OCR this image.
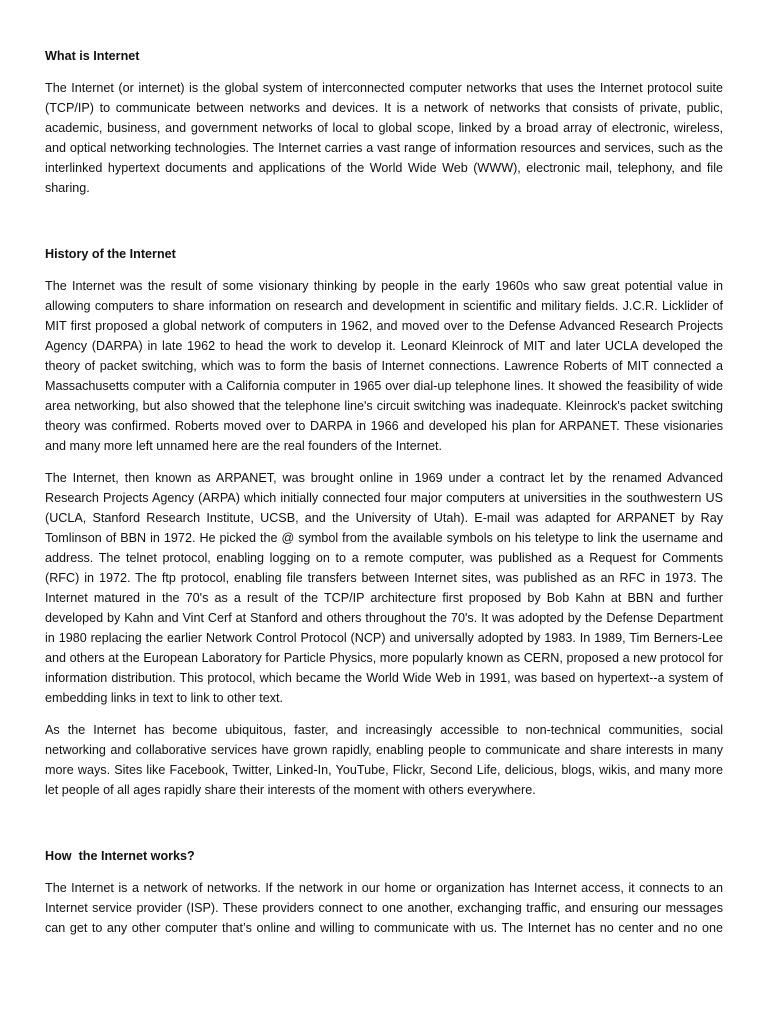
What is Internet

The Internet (or internet) is the global system of interconnected computer networks that uses the Internet protocol suite (TCP/IP) to communicate between networks and devices. It is a network of networks that consists of private, public, academic, business, and government networks of local to global scope, linked by a broad array of electronic, wireless, and optical networking technologies. The Internet carries a vast range of information resources and services, such as the interlinked hypertext documents and applications of the World Wide Web (WWW), electronic mail, telephony, and file sharing.

History of the Internet

The Internet was the result of some visionary thinking by people in the early 1960s who saw great potential value in allowing computers to share information on research and development in scientific and military fields. J.C.R. Licklider of MIT first proposed a global network of computers in 1962, and moved over to the Defense Advanced Research Projects Agency (DARPA) in late 1962 to head the work to develop it. Leonard Kleinrock of MIT and later UCLA developed the theory of packet switching, which was to form the basis of Internet connections. Lawrence Roberts of MIT connected a Massachusetts computer with a California computer in 1965 over dial-up telephone lines. It showed the feasibility of wide area networking, but also showed that the telephone line's circuit switching was inadequate. Kleinrock's packet switching theory was confirmed. Roberts moved over to DARPA in 1966 and developed his plan for ARPANET. These visionaries and many more left unnamed here are the real founders of the Internet.

The Internet, then known as ARPANET, was brought online in 1969 under a contract let by the renamed Advanced Research Projects Agency (ARPA) which initially connected four major computers at universities in the southwestern US (UCLA, Stanford Research Institute, UCSB, and the University of Utah). E-mail was adapted for ARPANET by Ray Tomlinson of BBN in 1972. He picked the @ symbol from the available symbols on his teletype to link the username and address. The telnet protocol, enabling logging on to a remote computer, was published as a Request for Comments (RFC) in 1972. The ftp protocol, enabling file transfers between Internet sites, was published as an RFC in 1973. The Internet matured in the 70's as a result of the TCP/IP architecture first proposed by Bob Kahn at BBN and further developed by Kahn and Vint Cerf at Stanford and others throughout the 70's. It was adopted by the Defense Department in 1980 replacing the earlier Network Control Protocol (NCP) and universally adopted by 1983. In 1989, Tim Berners-Lee and others at the European Laboratory for Particle Physics, more popularly known as CERN, proposed a new protocol for information distribution. This protocol, which became the World Wide Web in 1991, was based on hypertext--a system of embedding links in text to link to other text.

As the Internet has become ubiquitous, faster, and increasingly accessible to non-technical communities, social networking and collaborative services have grown rapidly, enabling people to communicate and share interests in many more ways. Sites like Facebook, Twitter, Linked-In, YouTube, Flickr, Second Life, delicious, blogs, wikis, and many more let people of all ages rapidly share their interests of the moment with others everywhere.

How  the Internet works?

The Internet is a network of networks. If the network in our home or organization has Internet access, it connects to an Internet service provider (ISP). These providers connect to one another, exchanging traffic, and ensuring our messages can get to any other computer that’s online and willing to communicate with us. The Internet has no center and no one
